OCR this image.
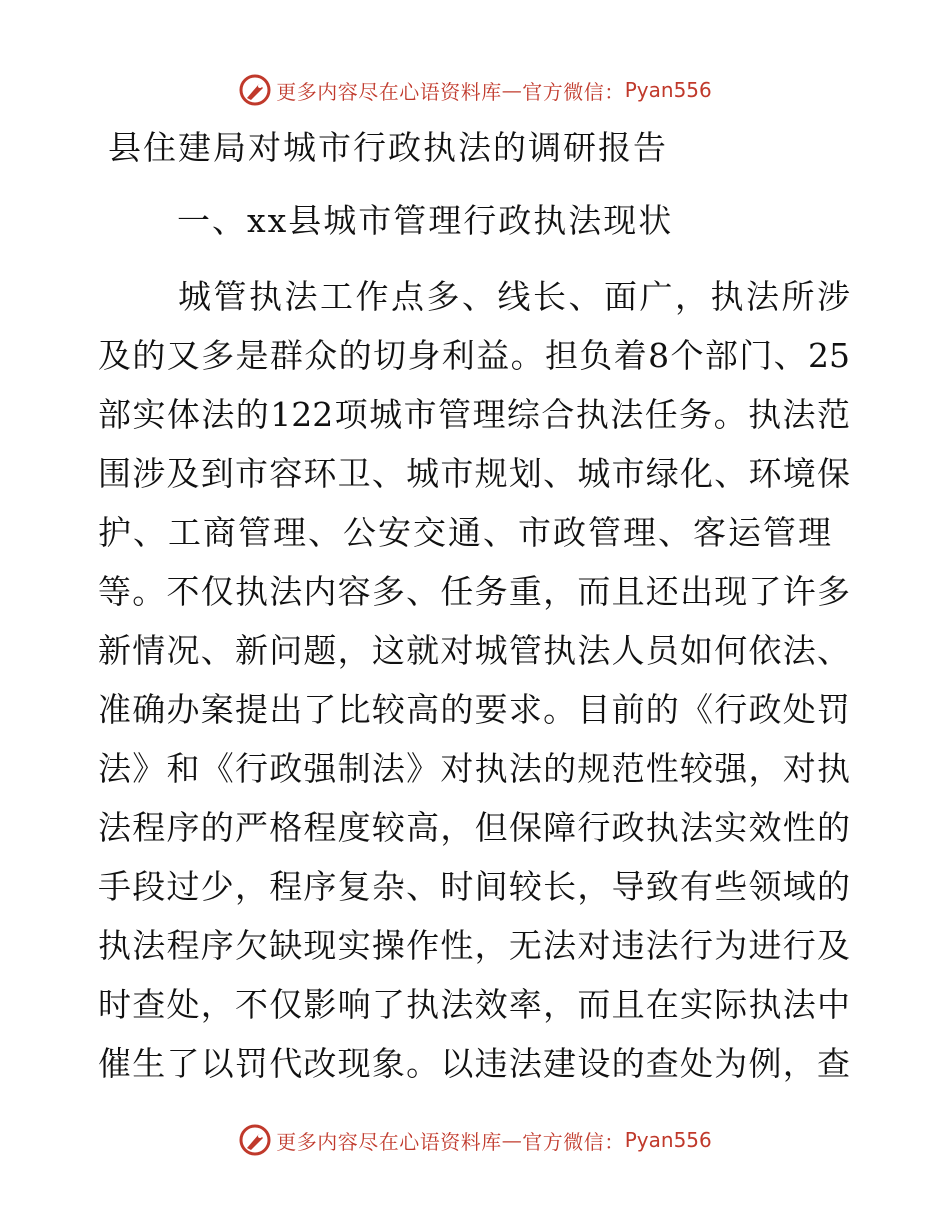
更多内容尽在心语资料库 — 官方微信： Pyan556
县住建局对城市行政执法的调研报告
一、xx县城市管理行政执法现状
城管执法工作点多、线长、面广，执法所涉
及的又多是群众的切身利益。担负着8个部门、25
部实体法的122项城市管理综合执法任务。执法范
围涉及到市容环卫、城市规划、城市绿化、环境保
护、工商管理、公安交通、市政管理、客运管理
等。不仅执法内容多、任务重，而且还出现了许多
新情况、新问题，这就对城管执法人员如何依法、
准确办案提出了比较高的要求。目前的《行政处罚
法》和《行政强制法》对执法的规范性较强，对执
法程序的严格程度较高，但保障行政执法实效性的
手段过少，程序复杂、时间较长，导致有些领域的
执法程序欠缺现实操作性，无法对违法行为进行及
时查处，不仅影响了执法效率，而且在实际执法中
催生了以罚代改现象。以违法建设的查处为例，查
更多内容尽在心语资料库 — 官方微信： Pyan556
